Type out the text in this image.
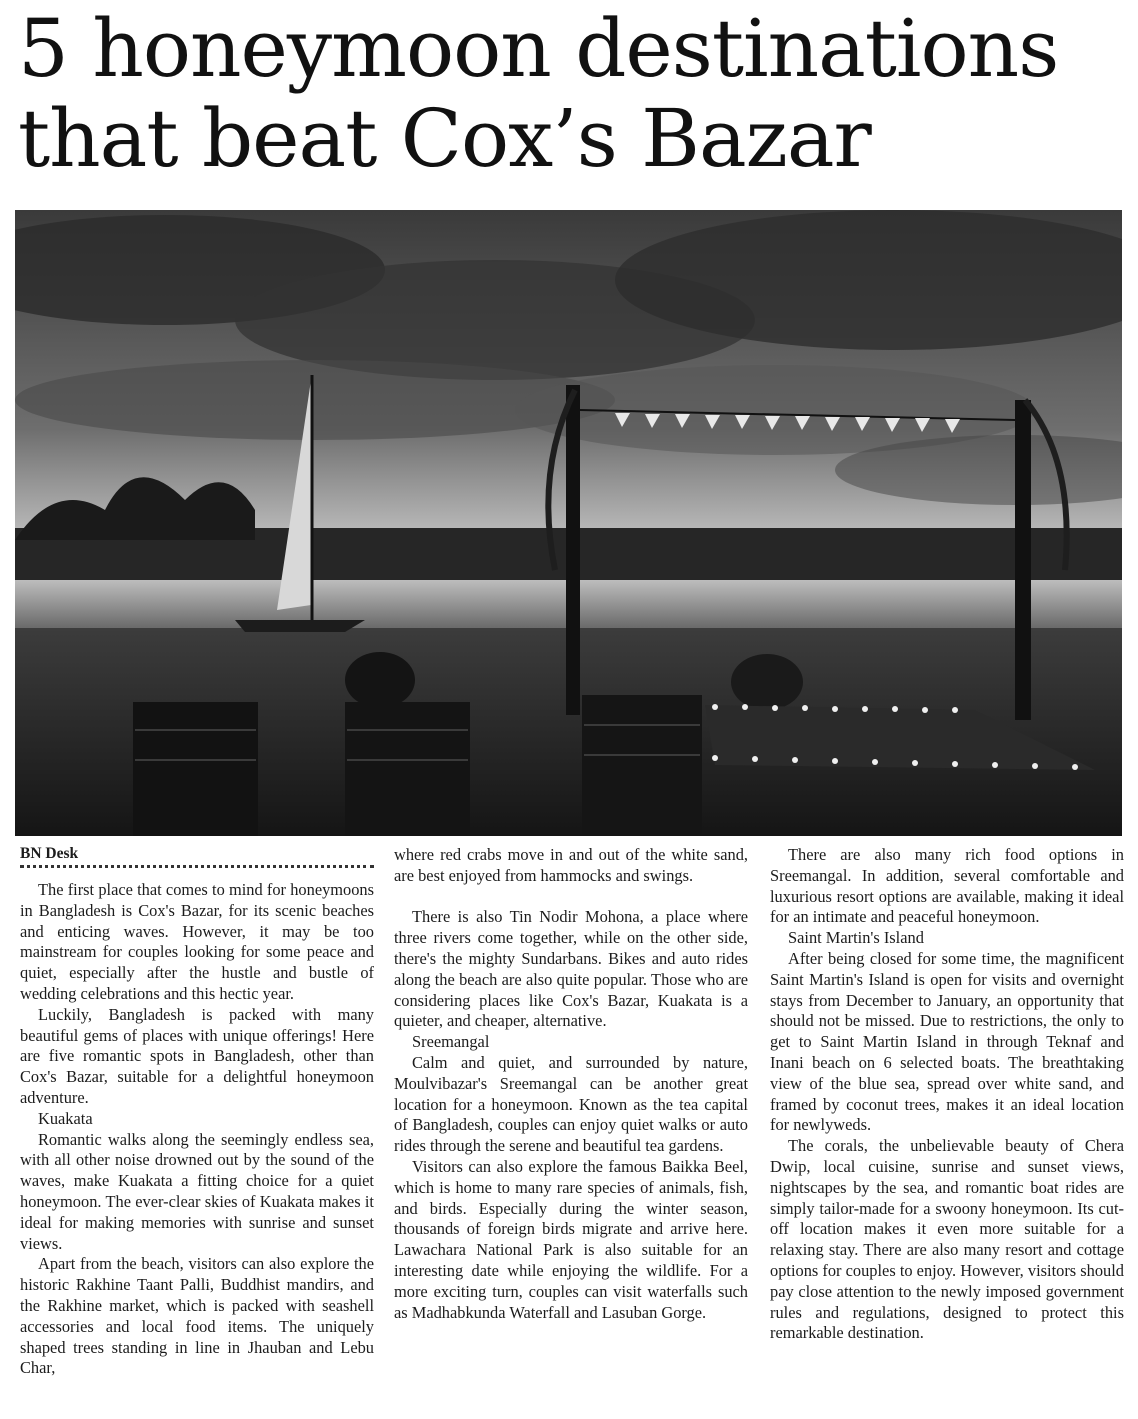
5 honeymoon destinations
that beat Cox’s Bazar

BN Desk

The first place that comes to mind for honeymoons in Bangladesh is Cox's Bazar, for its scenic beaches and enticing waves. However, it may be too mainstream for couples looking for some peace and quiet, especially after the hustle and bustle of wedding celebrations and this hectic year.

Luckily, Bangladesh is packed with many beautiful gems of places with unique offerings! Here are five romantic spots in Bangladesh, other than Cox's Bazar, suitable for a delightful honeymoon adventure.

Kuakata

Romantic walks along the seemingly endless sea, with all other noise drowned out by the sound of the waves, make Kuakata a fitting choice for a quiet honeymoon. The ever-clear skies of Kuakata makes it ideal for making memories with sunrise and sunset views.

Apart from the beach, visitors can also explore the historic Rakhine Taant Palli, Buddhist mandirs, and the Rakhine market, which is packed with seashell accessories and local food items. The uniquely shaped trees standing in line in Jhauban and Lebu Char,

where red crabs move in and out of the white sand, are best enjoyed from hammocks and swings.

There is also Tin Nodir Mohona, a place where three rivers come together, while on the other side, there's the mighty Sundarbans. Bikes and auto rides along the beach are also quite popular. Those who are considering places like Cox's Bazar, Kuakata is a quieter, and cheaper, alternative.

Sreemangal

Calm and quiet, and surrounded by nature, Moulvibazar's Sreemangal can be another great location for a honeymoon. Known as the tea capital of Bangladesh, couples can enjoy quiet walks or auto rides through the serene and beautiful tea gardens.

Visitors can also explore the famous Baikka Beel, which is home to many rare species of animals, fish, and birds. Especially during the winter season, thousands of foreign birds migrate and arrive here. Lawachara National Park is also suitable for an interesting date while enjoying the wildlife. For a more exciting turn, couples can visit waterfalls such as Madhabkunda Waterfall and Lasuban Gorge.

There are also many rich food options in Sreemangal. In addition, several comfortable and luxurious resort options are available, making it ideal for an intimate and peaceful honeymoon.

Saint Martin's Island

After being closed for some time, the magnificent Saint Martin's Island is open for visits and overnight stays from December to January, an opportunity that should not be missed. Due to restrictions, the only to get to Saint Martin Island in through Teknaf and Inani beach on 6 selected boats. The breathtaking view of the blue sea, spread over white sand, and framed by coconut trees, makes it an ideal location for newlyweds.

The corals, the unbelievable beauty of Chera Dwip, local cuisine, sunrise and sunset views, nightscapes by the sea, and romantic boat rides are simply tailor-made for a swoony honeymoon. Its cut-off location makes it even more suitable for a relaxing stay. There are also many resort and cottage options for couples to enjoy. However, visitors should pay close attention to the newly imposed government rules and regulations, designed to protect this remarkable destination.
